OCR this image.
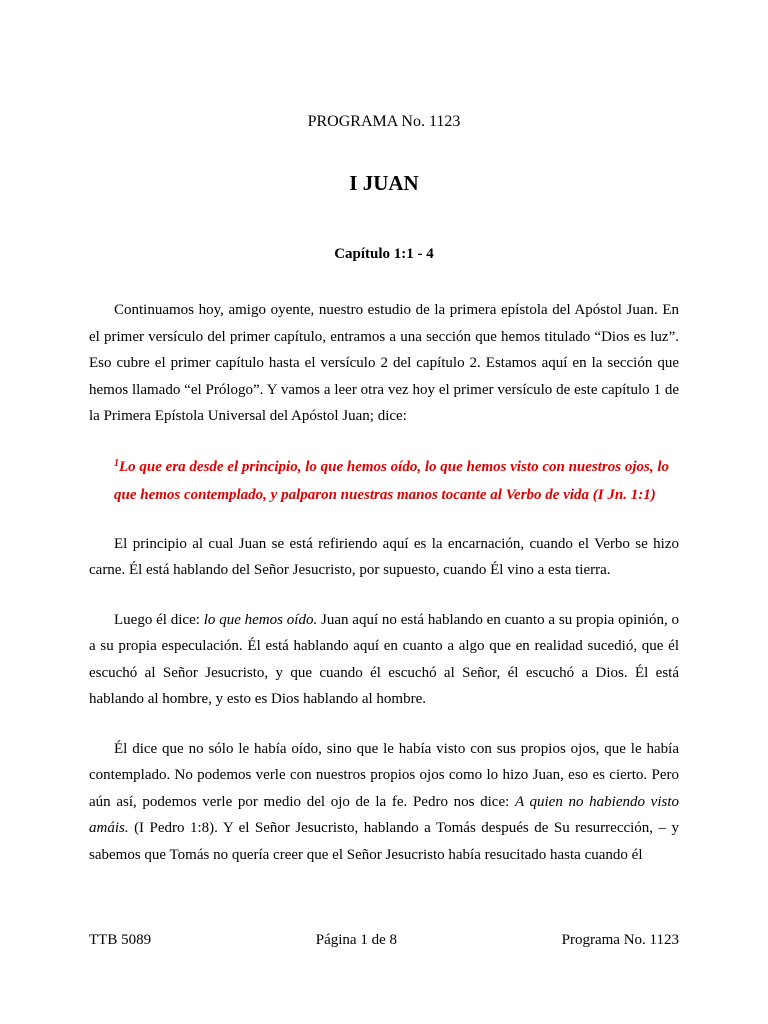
PROGRAMA No. 1123
I JUAN
Capítulo 1:1 - 4

Continuamos hoy, amigo oyente, nuestro estudio de la primera epístola del Apóstol Juan. En el primer versículo del primer capítulo, entramos a una sección que hemos titulado “Dios es luz”. Eso cubre el primer capítulo hasta el versículo 2 del capítulo 2. Estamos aquí en la sección que hemos llamado “el Prólogo”. Y vamos a leer otra vez hoy el primer versículo de este capítulo 1 de la Primera Epístola Universal del Apóstol Juan; dice:

$^1$Lo que era desde el principio, lo que hemos oído, lo que hemos visto con nuestros ojos, lo que hemos contemplado, y palparon nuestras manos tocante al Verbo de vida (I Jn. 1:1)

El principio al cual Juan se está refiriendo aquí es la encarnación, cuando el Verbo se hizo carne. Él está hablando del Señor Jesucristo, por supuesto, cuando Él vino a esta tierra.

Luego él dice: lo que hemos oído. Juan aquí no está hablando en cuanto a su propia opinión, o a su propia especulación. Él está hablando aquí en cuanto a algo que en realidad sucedió, que él escuchó al Señor Jesucristo, y que cuando él escuchó al Señor, él escuchó a Dios. Él está hablando al hombre, y esto es Dios hablando al hombre.

Él dice que no sólo le había oído, sino que le había visto con sus propios ojos, que le había contemplado. No podemos verle con nuestros propios ojos como lo hizo Juan, eso es cierto. Pero aún así, podemos verle por medio del ojo de la fe. Pedro nos dice: A quien no habiendo visto amáis. (I Pedro 1:8). Y el Señor Jesucristo, hablando a Tomás después de Su resurrección, – y sabemos que Tomás no quería creer que el Señor Jesucristo había resucitado hasta cuando él

TTB 5089	Página 1 de 8	Programa No. 1123
